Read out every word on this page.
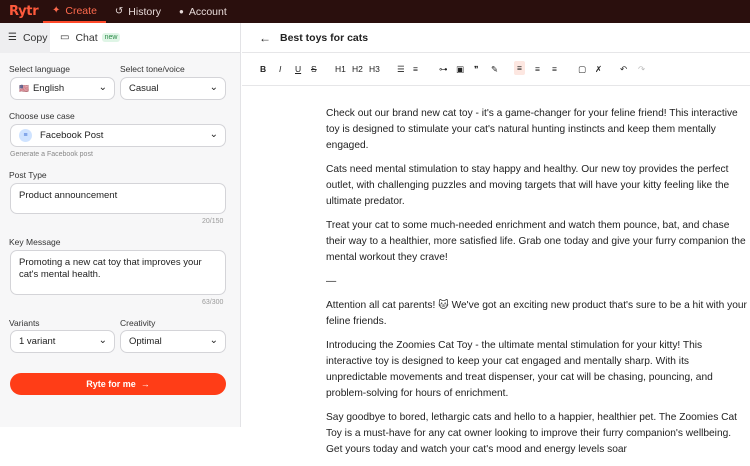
Rytr	✦ Create ↺ History ● Account
☰ Copy ▭ Chat	new
Select language
🇺🇸 English	⌄
Select tone/voice
Casual	⌄
Choose use case
≡	Facebook Post	⌄
Generate a Facebook post
Post Type
Product announcement
20/150
Key Message
Promoting a new cat toy that improves your cat's mental health.
63/300
Variants
1 variant	⌄
Creativity
Optimal	⌄
Ryte for me →
← Best toys for cats
B I U S H1 H2 H3 ☰ ≡ ⊶ ▣ ❞ ✎	≡	≡ ≡ ▢ ✗ ↶ ↷

Check out our brand new cat toy - it's a game-changer for your feline friend! This interactive toy is designed to stimulate your cat's natural hunting instincts and keep them mentally engaged.

Cats need mental stimulation to stay happy and healthy. Our new toy provides the perfect outlet, with challenging puzzles and moving targets that will have your kitty feeling like the ultimate predator.

Treat your cat to some much-needed enrichment and watch them pounce, bat, and chase their way to a healthier, more satisfied life. Grab one today and give your furry companion the mental workout they crave!

—

Attention all cat parents! 🐱 We've got an exciting new product that's sure to be a hit with your feline friends.

Introducing the Zoomies Cat Toy - the ultimate mental stimulation for your kitty! This interactive toy is designed to keep your cat engaged and mentally sharp. With its unpredictable movements and treat dispenser, your cat will be chasing, pouncing, and problem-solving for hours of enrichment.

Say goodbye to bored, lethargic cats and hello to a happier, healthier pet. The Zoomies Cat Toy is a must-have for any cat owner looking to improve their furry companion's wellbeing. Get yours today and watch your cat's mood and energy levels soar
